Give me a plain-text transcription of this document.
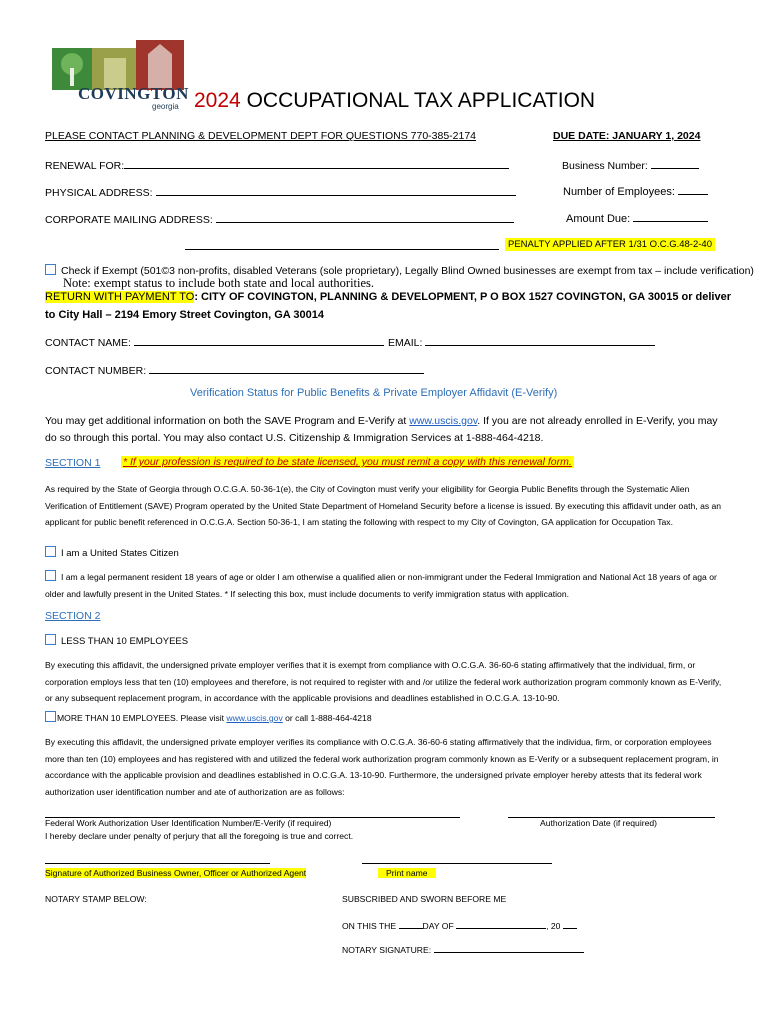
COVINGTON
georgia 2024 OCCUPATIONAL TAX APPLICATION
PLEASE CONTACT PLANNING & DEVELOPMENT DEPT FOR QUESTIONS 770-385-2174	DUE DATE: JANUARY 1, 2024
RENEWAL FOR:	Business Number:
PHYSICAL ADDRESS:	Number of Employees:
CORPORATE MAILING ADDRESS:	Amount Due:
PENALTY APPLIED AFTER 1/31 O.C.G.48-2-40
Check if Exempt (501©3 non-profits, disabled Veterans (sole proprietary), Legally Blind Owned businesses are exempt from tax – include verification)
Note: exempt status to include both state and local authorities.
RETURN WITH PAYMENT TO: CITY OF COVINGTON, PLANNING & DEVELOPMENT, P O BOX 1527 COVINGTON, GA 30015 or deliver
to City Hall – 2194 Emory Street Covington, GA 30014
CONTACT NAME:	EMAIL:
CONTACT NUMBER:
Verification Status for Public Benefits & Private Employer Affidavit (E-Verify)
You may get additional information on both the SAVE Program and E-Verify at www.uscis.gov. If you are not already enrolled in E-Verify, you may
do so through this portal. You may also contact U.S. Citizenship & Immigration Services at 1-888-464-4218.
SECTION 1 * If your profession is required to be state licensed, you must remit a copy with this renewal form.
As required by the State of Georgia through O.C.G.A. 50-36-1(e), the City of Covington must verify your eligibility for Georgia Public Benefits through the Systematic Alien Verification of Entitlement (SAVE) Program operated by the United State Department of Homeland Security before a license is issued. By executing this affidavit under oath, as an applicant for public benefit referenced in O.C.G.A. Section 50-36-1, I am stating the following with respect to my City of Covington, GA application for Occupation Tax.
I am a United States Citizen
I am a legal permanent resident 18 years of age or older I am otherwise a qualified alien or non-immigrant under the Federal Immigration and National Act 18 years of aga or older and lawfully present in the United States. * If selecting this box, must include documents to verify immigration status with application.
SECTION 2
LESS THAN 10 EMPLOYEES
By executing this affidavit, the undersigned private employer verifies that it is exempt from compliance with O.C.G.A. 36-60-6 stating affirmatively that the individual, firm, or corporation employs less that ten (10) employees and therefore, is not required to register with and /or utilize the federal work authorization program commonly known as E-Verify, or any subsequent replacement program, in accordance with the applicable provisions and deadlines established in O.C.G.A. 13-10-90.
MORE THAN 10 EMPLOYEES. Please visit www.uscis.gov or call 1-888-464-4218
By executing this affidavit, the undersigned private employer verifies its compliance with O.C.G.A. 36-60-6 stating affirmatively that the individua, firm, or corporation employees more than ten (10) employees and has registered with and utilized the federal work authorization program commonly known as E-Verify or a subsequent replacement program, in accordance with the applicable provision and deadlines established in O.C.G.A. 13-10-90. Furthermore, the undersigned private employer hereby attests that its federal work authorization user identification number and ate of authorization are as follows:
Federal Work Authorization User Identification Number/E-Verify (if required)	Authorization Date (if required)
I hereby declare under penalty of perjury that all the foregoing is true and correct.
Signature of Authorized Business Owner, Officer or Authorized Agent	Print name
NOTARY STAMP BELOW:	SUBSCRIBED AND SWORN BEFORE ME
ON THIS THE	DAY OF	, 20
NOTARY SIGNATURE:
